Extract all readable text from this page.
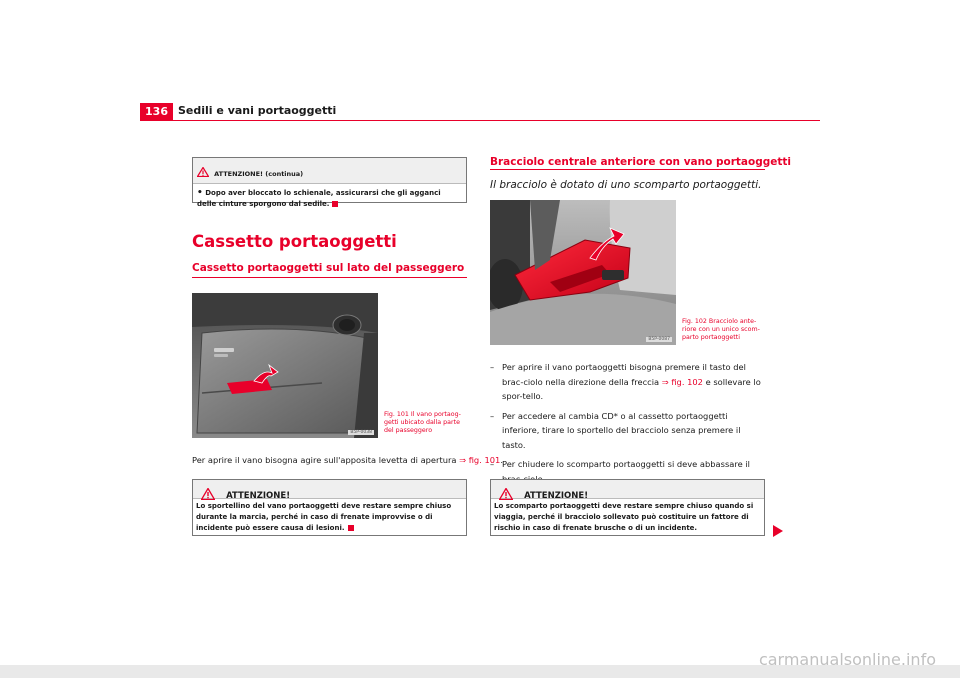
136 Sedili e vani portaoggetti
ATTENZIONE! (continua)
• Dopo aver bloccato lo schienale, assicurarsi che gli agganci delle cinture sporgono dal sedile.
Cassetto portaoggetti
Cassetto portaoggetti sul lato del passeggero
B5P-0038
Fig. 101 Il vano portaog-getti ubicato dalla parte del passeggero
Per aprire il vano bisogna agire sull'apposita levetta di apertura ⇒ fig. 101.
ATTENZIONE!
Lo sportellino del vano portaoggetti deve restare sempre chiuso durante la marcia, perché in caso di frenate improvvise o di incidente può essere causa di lesioni.
Bracciolo centrale anteriore con vano portaoggetti
Il bracciolo è dotato di uno scomparto portaoggetti.
B5P-0087
Fig. 102 Bracciolo ante-riore con un unico scom-parto portaoggetti
– Per aprire il vano portaoggetti bisogna premere il tasto del brac-ciolo nella direzione della freccia ⇒ fig. 102 e sollevare lo spor-tello.
– Per accedere al cambia CD* o al cassetto portaoggetti inferiore, tirare lo sportello del bracciolo senza premere il tasto.
– Per chiudere lo scomparto portaoggetti si deve abbassare il
ATTENZIONE!
Lo scomparto portaoggetti deve restare sempre chiuso quando si viaggia, perché il bracciolo sollevato può costituire un fattore di rischio in caso di frenate brusche o di un incidente.
carmanualsonline.info
